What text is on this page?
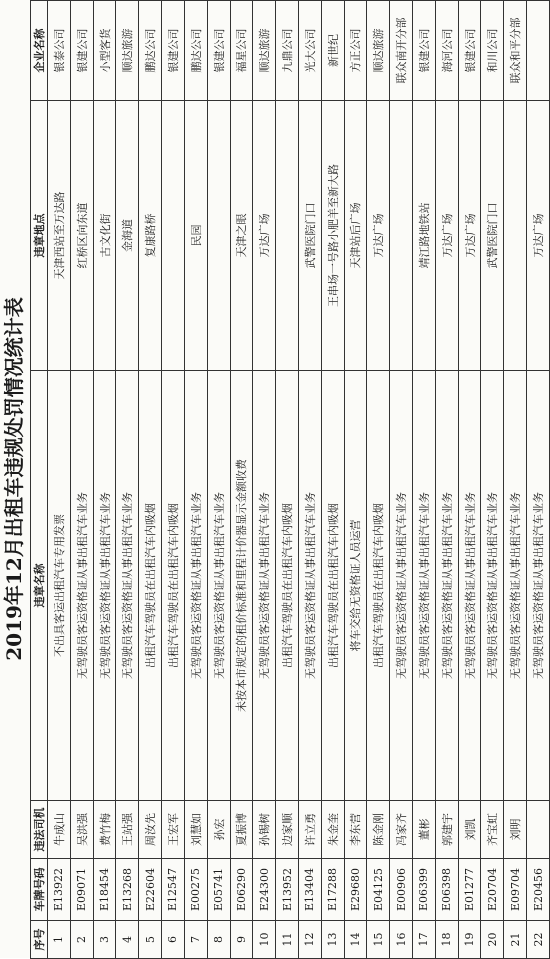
2019年12月出租车违规处罚情况统计表
序号	车牌号码	违法司机	违章名称	违章地点	企业名称
1	E13922	牛成山	不出具客运出租汽车专用发票	天津西站至万达路	银泰公司
2	E09071	吴洪强	无驾驶员客运资格证从事出租汽车业务	红桥区向东道	银建公司
3	E18454	费竹梅	无驾驶员客运资格证从事出租汽车业务	古文化街	小型客货
4	E13268	王站强	无驾驶员客运资格证从事出租汽车业务	金海道	顺达旅游
5	E22604	周汝先	出租汽车驾驶员在出租汽车内吸烟	复康路桥	鹏达公司
6	E12547	王宏军	出租汽车驾驶员在出租汽车内吸烟		银建公司
7	E00275	刘慧如	无驾驶员客运资格证从事出租汽车业务	民园	鹏达公司
8	E05741	孙宏	无驾驶员客运资格证从事出租汽车业务		银建公司
9	E06290	夏振博	未按本市规定的租价标准和里程计价器显示金额收费	天津之眼	福星公司
10	E24300	孙锡树	无驾驶员客运资格证从事出租汽车业务	万达广场	顺达旅游
11	E13952	边家顺	出租汽车驾驶员在出租汽车内吸烟		九鼎公司
12	E13404	许立勇	无驾驶员客运资格证从事出租汽车业务	武警医院门口	光大公司
13	E17288	朱金奎	出租汽车驾驶员在出租汽车内吸烟	王串场一号路小肥羊至新大路	新世纪
14	E29680	李东营	将车交给无资格证人员运营	天津站后广场	方正公司
15	E04125	陈金刚	出租汽车驾驶员在出租汽车内吸烟	万达广场	顺达旅游
16	E00906	冯家齐	无驾驶员客运资格证从事出租汽车业务		联众南开分部
17	E06399	董彬	无驾驶员客运资格证从事出租汽车业务	靖江路地铁站	银建公司
18	E06398	郭建宇	无驾驶员客运资格证从事出租汽车业务	万达广场	海河公司
19	E01277	刘凯	无驾驶员客运资格证从事出租汽车业务	万达广场	银建公司
20	E20704	齐宝虹	无驾驶员客运资格证从事出租汽车业务	武警医院门口	和川公司
21	E09704	刘明	无驾驶员客运资格证从事出租汽车业务		联众和平分部
22	E20456		无驾驶员客运资格证从事出租汽车业务	万达广场	
